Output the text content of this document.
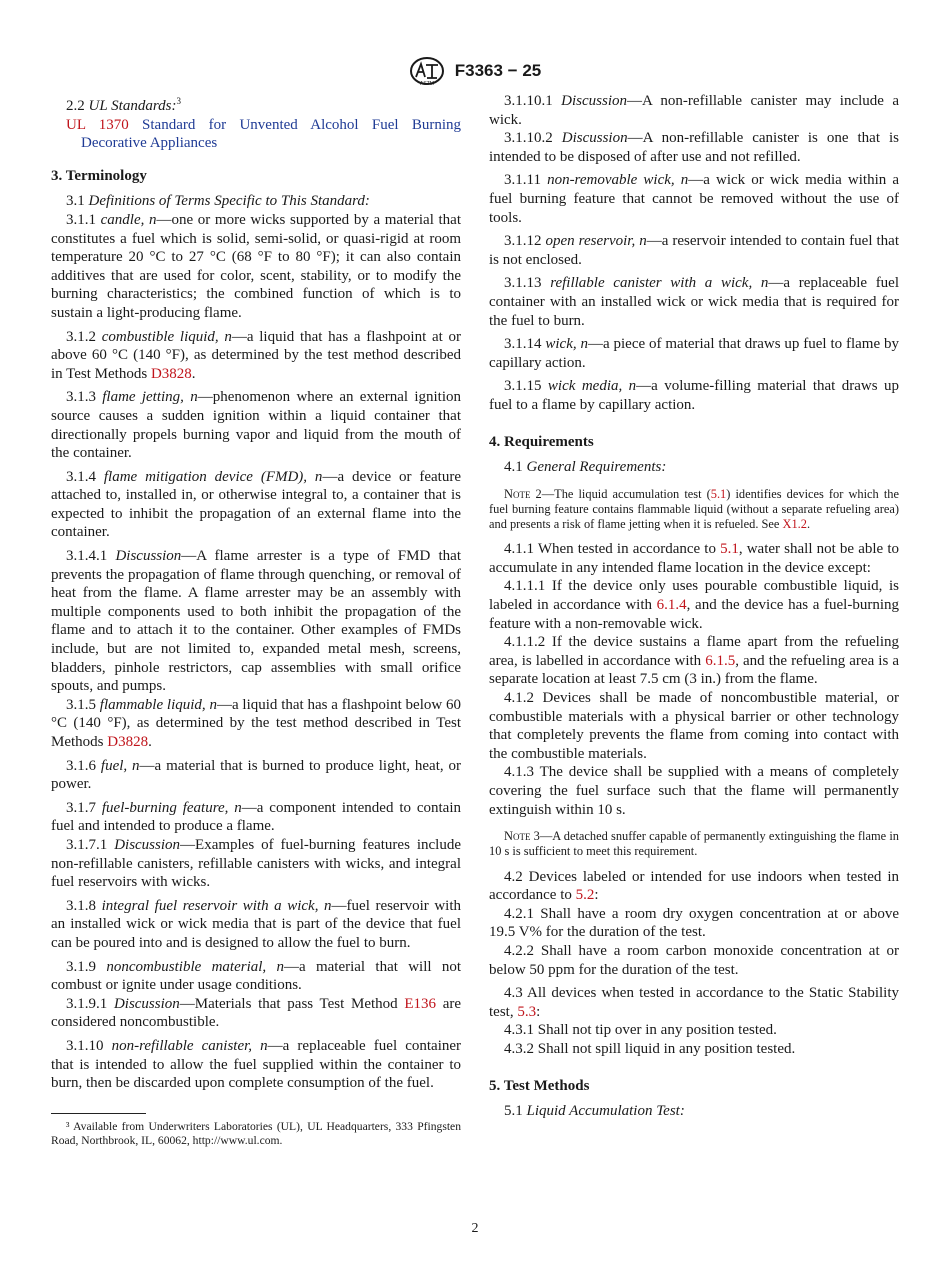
ASTM
F3363 − 25

2.2 UL Standards:$^3$

UL 1370 Standard for Unvented Alcohol Fuel Burning Decorative Appliances

3. Terminology

3.1 Definitions of Terms Specific to This Standard:

3.1.1 candle, n—one or more wicks supported by a material that constitutes a fuel which is solid, semi-solid, or quasi-rigid at room temperature 20 °C to 27 °C (68 °F to 80 °F); it can also contain additives that are used for color, scent, stability, or to modify the burning characteristics; the combined function of which is to sustain a light-producing flame.

3.1.2 combustible liquid, n—a liquid that has a flashpoint at or above 60 °C (140 °F), as determined by the test method described in Test Methods D3828.

3.1.3 flame jetting, n—phenomenon where an external ignition source causes a sudden ignition within a liquid container that directionally propels burning vapor and liquid from the mouth of the container.

3.1.4 flame mitigation device (FMD), n—a device or feature attached to, installed in, or otherwise integral to, a container that is expected to inhibit the propagation of an external flame into the container.

3.1.4.1 Discussion—A flame arrester is a type of FMD that prevents the propagation of flame through quenching, or removal of heat from the flame. A flame arrester may be an assembly with multiple components used to both inhibit the propagation of the flame and to attach it to the container. Other examples of FMDs include, but are not limited to, expanded metal mesh, screens, bladders, pinhole restrictors, cap assemblies with small orifice spouts, and pumps.

3.1.5 flammable liquid, n—a liquid that has a flashpoint below 60 °C (140 °F), as determined by the test method described in Test Methods D3828.

3.1.6 fuel, n—a material that is burned to produce light, heat, or power.

3.1.7 fuel-burning feature, n—a component intended to contain fuel and intended to produce a flame.

3.1.7.1 Discussion—Examples of fuel-burning features include non-refillable canisters, refillable canisters with wicks, and integral fuel reservoirs with wicks.

3.1.8 integral fuel reservoir with a wick, n—fuel reservoir with an installed wick or wick media that is part of the device that fuel can be poured into and is designed to allow the fuel to burn.

3.1.9 noncombustible material, n—a material that will not combust or ignite under usage conditions.

3.1.9.1 Discussion—Materials that pass Test Method E136 are considered noncombustible.

3.1.10 non-refillable canister, n—a replaceable fuel container that is intended to allow the fuel supplied within the container to burn, then be discarded upon complete consumption of the fuel.

³ Available from Underwriters Laboratories (UL), UL Headquarters, 333 Pfingsten Road, Northbrook, IL, 60062, http://www.ul.com.

3.1.10.1 Discussion—A non-refillable canister may include a wick.

3.1.10.2 Discussion—A non-refillable canister is one that is intended to be disposed of after use and not refilled.

3.1.11 non-removable wick, n—a wick or wick media within a fuel burning feature that cannot be removed without the use of tools.

3.1.12 open reservoir, n—a reservoir intended to contain fuel that is not enclosed.

3.1.13 refillable canister with a wick, n—a replaceable fuel container with an installed wick or wick media that is required for the fuel to burn.

3.1.14 wick, n—a piece of material that draws up fuel to flame by capillary action.

3.1.15 wick media, n—a volume-filling material that draws up fuel to a flame by capillary action.

4. Requirements

4.1 General Requirements:

Note 2—The liquid accumulation test (5.1) identifies devices for which the fuel burning feature contains flammable liquid (without a separate refueling area) and presents a risk of flame jetting when it is refueled. See X1.2.

4.1.1 When tested in accordance to 5.1, water shall not be able to accumulate in any intended flame location in the device except:

4.1.1.1 If the device only uses pourable combustible liquid, is labeled in accordance with 6.1.4, and the device has a fuel-burning feature with a non-removable wick.

4.1.1.2 If the device sustains a flame apart from the refueling area, is labelled in accordance with 6.1.5, and the refueling area is a separate location at least 7.5 cm (3 in.) from the flame.

4.1.2 Devices shall be made of noncombustible material, or combustible materials with a physical barrier or other technology that completely prevents the flame from coming into contact with the combustible materials.

4.1.3 The device shall be supplied with a means of completely covering the fuel surface such that the flame will permanently extinguish within 10 s.

Note 3—A detached snuffer capable of permanently extinguishing the flame in 10 s is sufficient to meet this requirement.

4.2 Devices labeled or intended for use indoors when tested in accordance to 5.2:

4.2.1 Shall have a room dry oxygen concentration at or above 19.5 V% for the duration of the test.

4.2.2 Shall have a room carbon monoxide concentration at or below 50 ppm for the duration of the test.

4.3 All devices when tested in accordance to the Static Stability test, 5.3:

4.3.1 Shall not tip over in any position tested.

4.3.2 Shall not spill liquid in any position tested.

5. Test Methods

5.1 Liquid Accumulation Test:

2
